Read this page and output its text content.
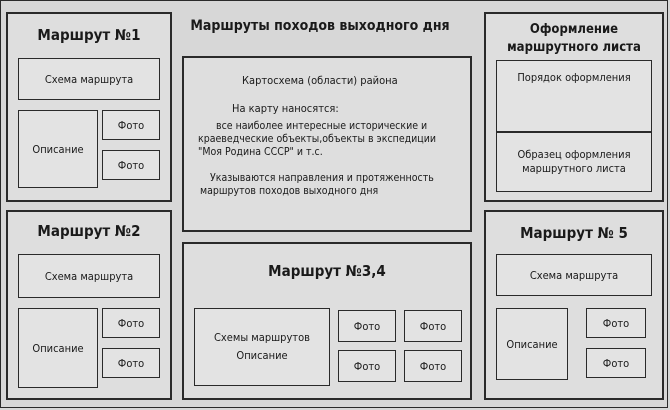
Маршруты походов выходного дня
Маршрут №1
Схема маршрута
Описание
Фото
Фото
Маршрут №2
Схема маршрута
Описание
Фото
Фото
Картосхема (области) района
На карту наносятся:
все наиболее интересные исторические и
краеведческие объекты,объекты в экспедиции
"Моя Родина СССР" и т.с.
Указываются направления и протяженность
маршрутов походов выходного дня
Маршрут №3,4
Схемы маршрутов
Описание
Фото	Фото
Фото	Фото
Оформление
маршрутного листа
Порядок оформления
Образец оформления
маршрутного листа
Маршрут № 5
Схема маршрута
Описание
Фото
Фото
